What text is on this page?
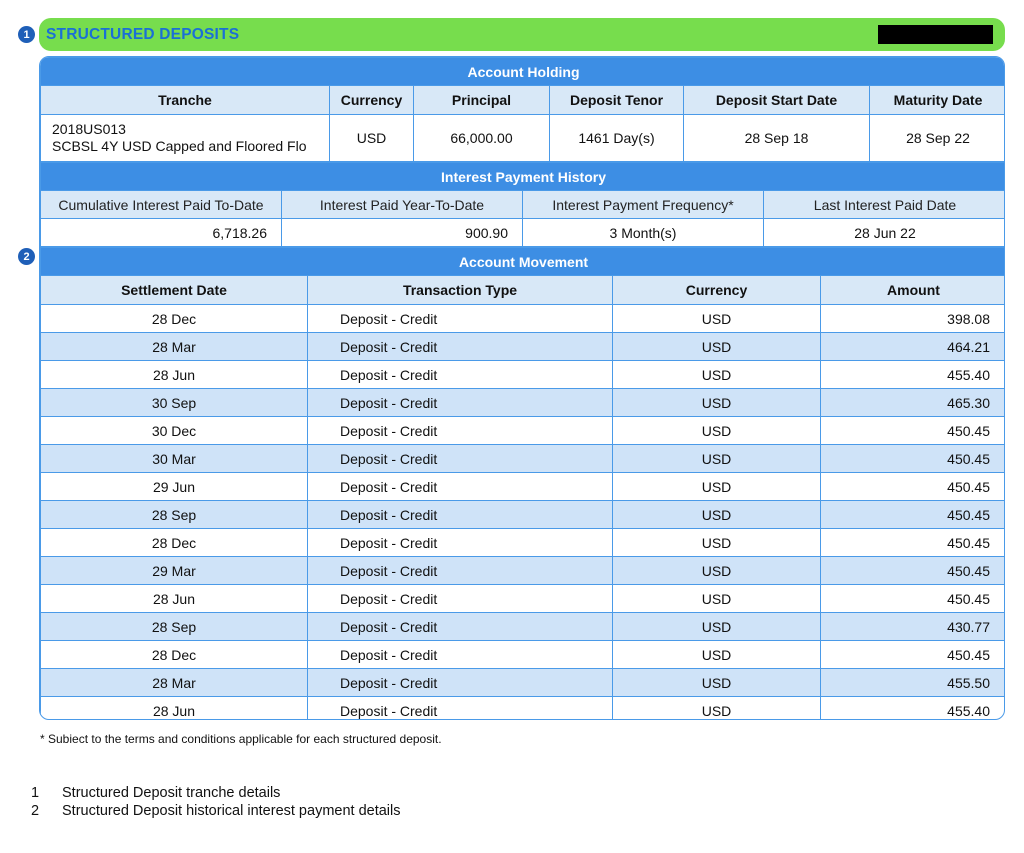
1
2
STRUCTURED DEPOSITS
Account Holding					
Tranche	Currency	Principal	Deposit Tenor	Deposit Start Date	Maturity Date

2018US013
SCBSL 4Y USD Capped and Floored Flo	USD	66,000.00	1461 Day(s)	28 Sep 18	28 Sep 22
Interest Payment History			
Cumulative Interest Paid To-Date	Interest Paid Year-To-Date	Interest Payment Frequency*	Last Interest Paid Date
6,718.26	900.90	3 Month(s)	28 Jun 22
Account Movement			
Settlement Date	Transaction Type	Currency	Amount
28 Dec	Deposit - Credit	USD	398.08
28 Mar	Deposit - Credit	USD	464.21
28 Jun	Deposit - Credit	USD	455.40
30 Sep	Deposit - Credit	USD	465.30
30 Dec	Deposit - Credit	USD	450.45
30 Mar	Deposit - Credit	USD	450.45
29 Jun	Deposit - Credit	USD	450.45
28 Sep	Deposit - Credit	USD	450.45
28 Dec	Deposit - Credit	USD	450.45
29 Mar	Deposit - Credit	USD	450.45
28 Jun	Deposit - Credit	USD	450.45
28 Sep	Deposit - Credit	USD	430.77
28 Dec	Deposit - Credit	USD	450.45
28 Mar	Deposit - Credit	USD	455.50
28 Jun	Deposit - Credit	USD	455.40
* Subiect to the terms and conditions applicable for each structured deposit.
1	Structured Deposit tranche details
2	Structured Deposit historical interest payment details
